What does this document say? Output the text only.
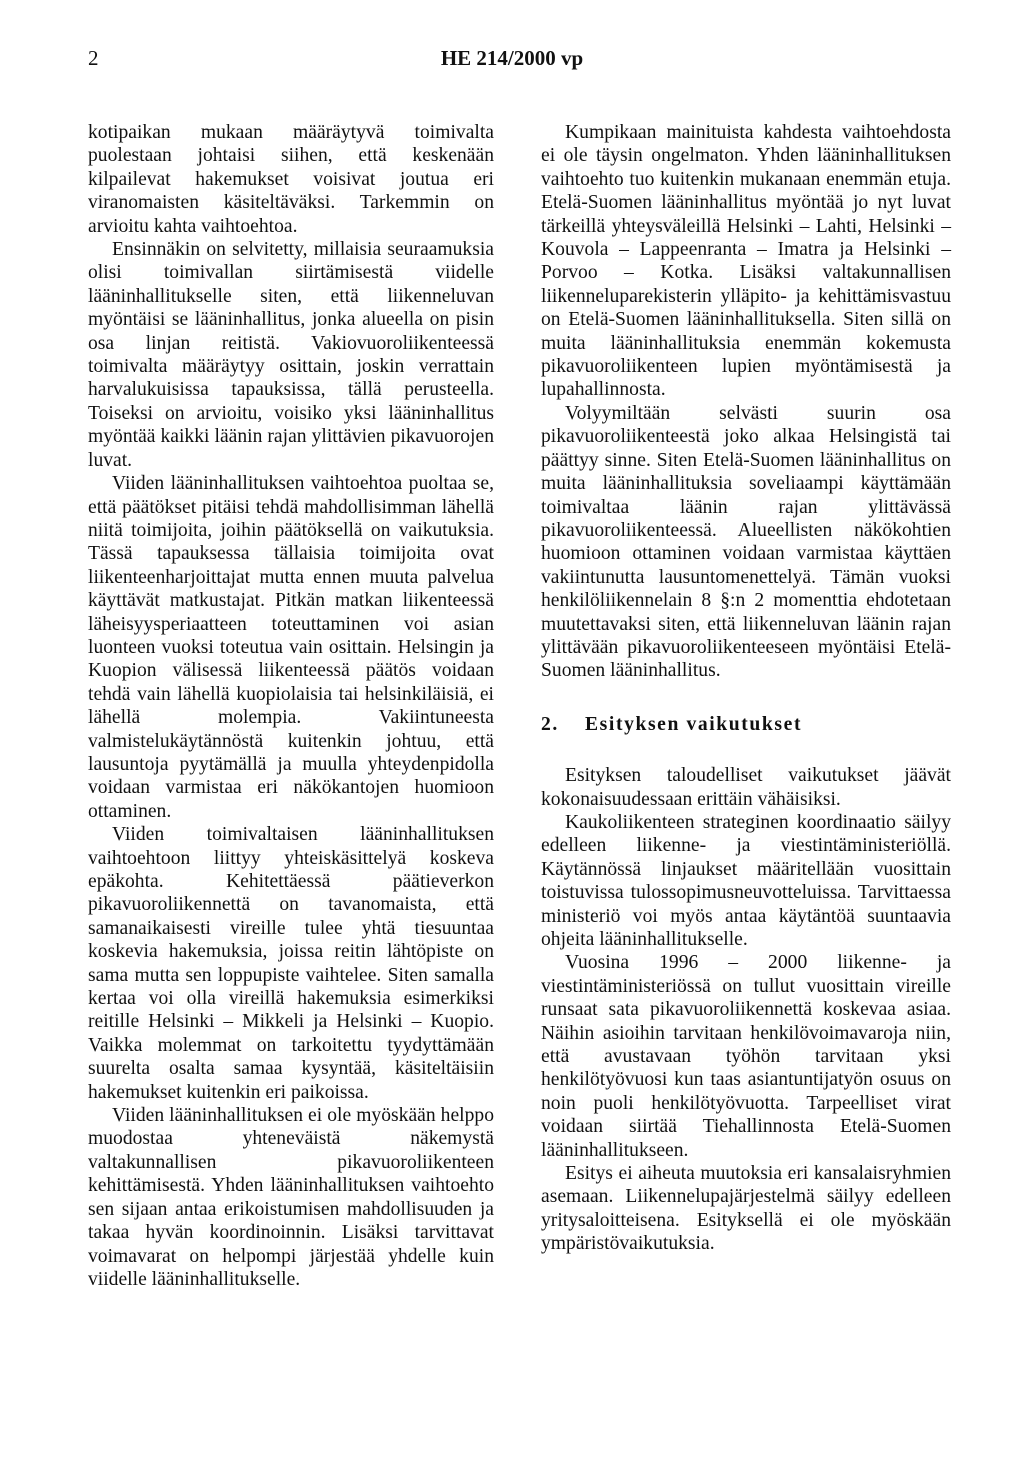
2	HE 214/2000 vp

kotipaikan mukaan määräytyvä toimivalta puolestaan johtaisi siihen, että keskenään kilpailevat hakemukset voisivat joutua eri viranomaisten käsiteltäväksi. Tarkemmin on arvioitu kahta vaihtoehtoa.

Ensinnäkin on selvitetty, millaisia seuraamuksia olisi toimivallan siirtämisestä viidelle lääninhallitukselle siten, että liikenneluvan myöntäisi se lääninhallitus, jonka alueella on pisin osa linjan reitistä. Vakiovuoroliikenteessä toimivalta määräytyy osittain, joskin verrattain harvalukuisissa tapauksissa, tällä perusteella. Toiseksi on arvioitu, voisiko yksi lääninhallitus myöntää kaikki läänin rajan ylittävien pikavuorojen luvat.

Viiden lääninhallituksen vaihtoehtoa puoltaa se, että päätökset pitäisi tehdä mahdollisimman lähellä niitä toimijoita, joihin päätöksellä on vaikutuksia. Tässä tapauksessa tällaisia toimijoita ovat liikenteenharjoittajat mutta ennen muuta palvelua käyttävät matkustajat. Pitkän matkan liikenteessä läheisyysperiaatteen toteuttaminen voi asian luonteen vuoksi toteutua vain osittain. Helsingin ja Kuopion välisessä liikenteessä päätös voidaan tehdä vain lähellä kuopiolaisia tai helsinkiläisiä, ei lähellä molempia. Vakiintuneesta valmistelukäytännöstä kuitenkin johtuu, että lausuntoja pyytämällä ja muulla yhteydenpidolla voidaan varmistaa eri näkökantojen huomioon ottaminen.

Viiden toimivaltaisen lääninhallituksen vaihtoehtoon liittyy yhteiskäsittelyä koskeva epäkohta. Kehitettäessä päätieverkon pikavuoroliikennettä on tavanomaista, että samanaikaisesti vireille tulee yhtä tiesuuntaa koskevia hakemuksia, joissa reitin lähtöpiste on sama mutta sen loppupiste vaihtelee. Siten samalla kertaa voi olla vireillä hakemuksia esimerkiksi reitille Helsinki – Mikkeli ja Helsinki – Kuopio. Vaikka molemmat on tarkoitettu tyydyttämään suurelta osalta samaa kysyntää, käsiteltäisiin hakemukset kuitenkin eri paikoissa.

Viiden lääninhallituksen ei ole myöskään helppo muodostaa yhteneväistä näkemystä valtakunnallisen pikavuoroliikenteen kehittämisestä. Yhden lääninhallituksen vaihtoehto sen sijaan antaa erikoistumisen mahdollisuuden ja takaa hyvän koordinoinnin. Lisäksi tarvittavat voimavarat on helpompi järjestää yhdelle kuin viidelle lääninhallitukselle.

Kumpikaan mainituista kahdesta vaihtoehdosta ei ole täysin ongelmaton. Yhden lääninhallituksen vaihtoehto tuo kuitenkin mukanaan enemmän etuja. Etelä-Suomen lääninhallitus myöntää jo nyt luvat tärkeillä yhteysväleillä Helsinki – Lahti, Helsinki – Kouvola – Lappeenranta – Imatra ja Helsinki – Porvoo – Kotka. Lisäksi valtakunnallisen liikenneluparekisterin ylläpito- ja kehittämisvastuu on Etelä-Suomen lääninhallituksella. Siten sillä on muita lääninhallituksia enemmän kokemusta pikavuoroliikenteen lupien myöntämisestä ja lupahallinnosta.

Volyymiltään selvästi suurin osa pikavuoroliikenteestä joko alkaa Helsingistä tai päättyy sinne. Siten Etelä-Suomen lääninhallitus on muita lääninhallituksia soveliaampi käyttämään toimivaltaa läänin rajan ylittävässä pikavuoroliikenteessä. Alueellisten näkökohtien huomioon ottaminen voidaan varmistaa käyttäen vakiintunutta lausuntomenettelyä. Tämän vuoksi henkilöliikennelain 8 §:n 2 momenttia ehdotetaan muutettavaksi siten, että liikenneluvan läänin rajan ylittävään pikavuoroliikenteeseen myöntäisi Etelä-Suomen lääninhallitus.

2. Esityksen vaikutukset

Esityksen taloudelliset vaikutukset jäävät kokonaisuudessaan erittäin vähäisiksi.

Kaukoliikenteen strateginen koordinaatio säilyy edelleen liikenne- ja viestintäministeriöllä. Käytännössä linjaukset määritellään vuosittain toistuvissa tulossopimusneuvotteluissa. Tarvittaessa ministeriö voi myös antaa käytäntöä suuntaavia ohjeita lääninhallitukselle.

Vuosina 1996 – 2000 liikenne- ja viestintäministeriössä on tullut vuosittain vireille runsaat sata pikavuoroliikennettä koskevaa asiaa. Näihin asioihin tarvitaan henkilövoimavaroja niin, että avustavaan työhön tarvitaan yksi henkilötyövuosi kun taas asiantuntijatyön osuus on noin puoli henkilötyövuotta. Tarpeelliset virat voidaan siirtää Tiehallinnosta Etelä-Suomen lääninhallitukseen.

Esitys ei aiheuta muutoksia eri kansalaisryhmien asemaan. Liikennelupajärjestelmä säilyy edelleen yritysaloitteisena. Esityksellä ei ole myöskään ympäristövaikutuksia.
